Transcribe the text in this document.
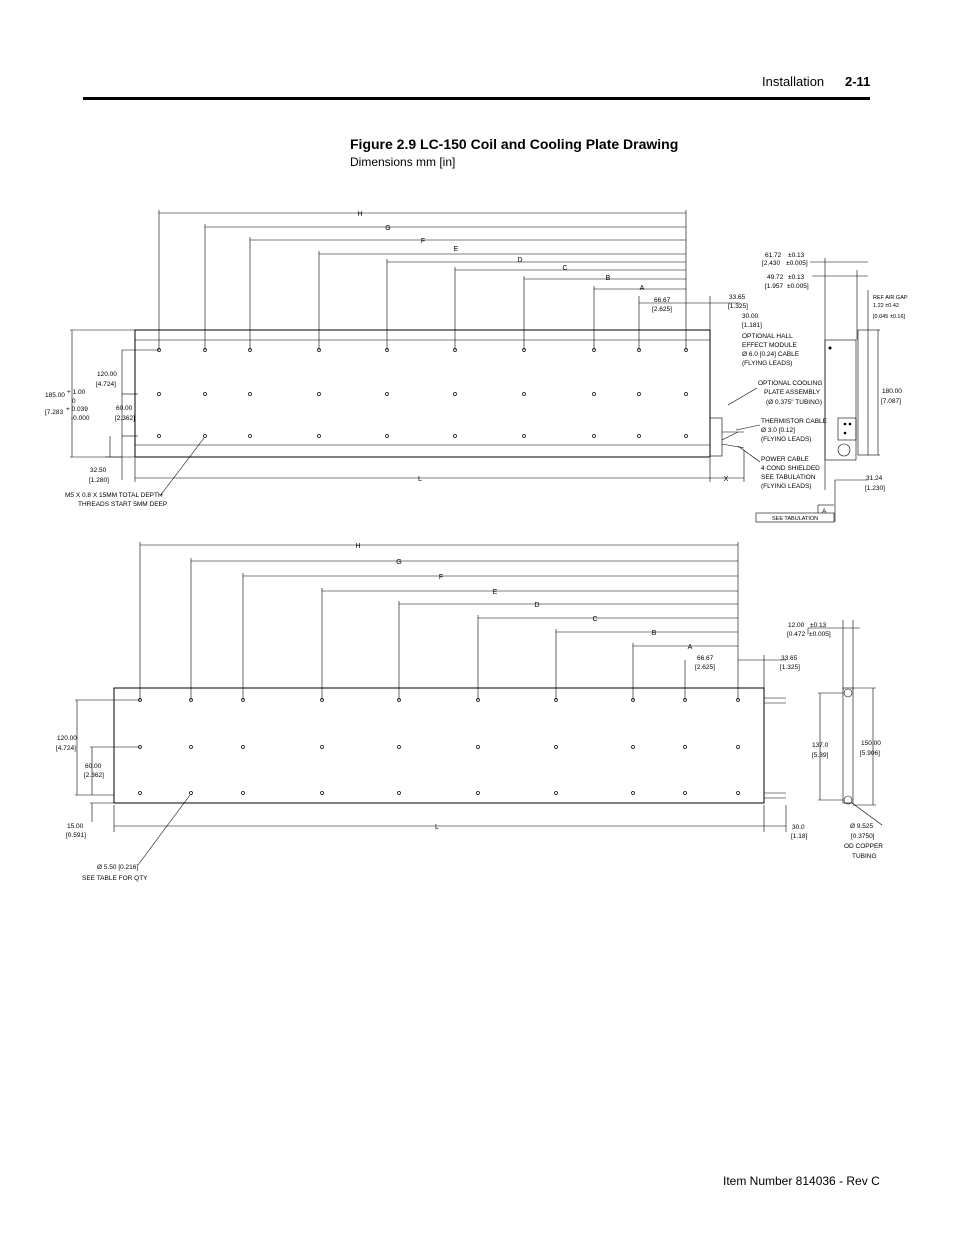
Installation 2-11
Figure 2.9 LC-150 Coil and Cooling Plate Drawing
Dimensions mm [in]
H
G
F
E
D
C
B
A
L	X
66.67
[2.625]
33.65
[1.325]
30.00
[1.181]
OPTIONAL HALL
EFFECT MODULE
Ø 6.0 [0.24] CABLE
(FLYING LEADS)
OPTIONAL COOLING
PLATE ASSEMBLY
(Ø 0.375" TUBING)
THERMISTOR CABLE
Ø 3.0 [0.12]
(FLYING LEADS)
POWER CABLE
4 COND SHIELDED
SEE TABULATION
(FLYING LEADS)
120.00
[4.724]
60.00
[2.362]
185.00 + 1.00
0
[7.283 + 0.039
-0.000
32.50
[1.280]
M5 X 0.8 X 15MM TOTAL DEPTH
THREADS START 5MM DEEP
61.72 ±0.13
[2.430 ±0.005]
49.72 ±0.13
[1.957 ±0.005]
REF AIR GAP
1.22 ±0.42
[0.045 ±0.16]
180.00
[7.087]
31.24
[1.230]
SEE TABULATION
A
H
G
F
E
D
C
B
A
L
66.67
[2.625]
33.65
[1.325]
120.00
[4.724]
60.00
[2.362]
15.00
[0.591]
30.0
[1.18]
Ø 5.50 [0.216]
SEE TABLE FOR QTY
12.00 ±0.13
[0.472 ±0.005]
137.0
[5.39]
150.00
[5.906]
Ø 9.525
[0.3750]
OD COPPER
TUBING
Item Number 814036 - Rev C
